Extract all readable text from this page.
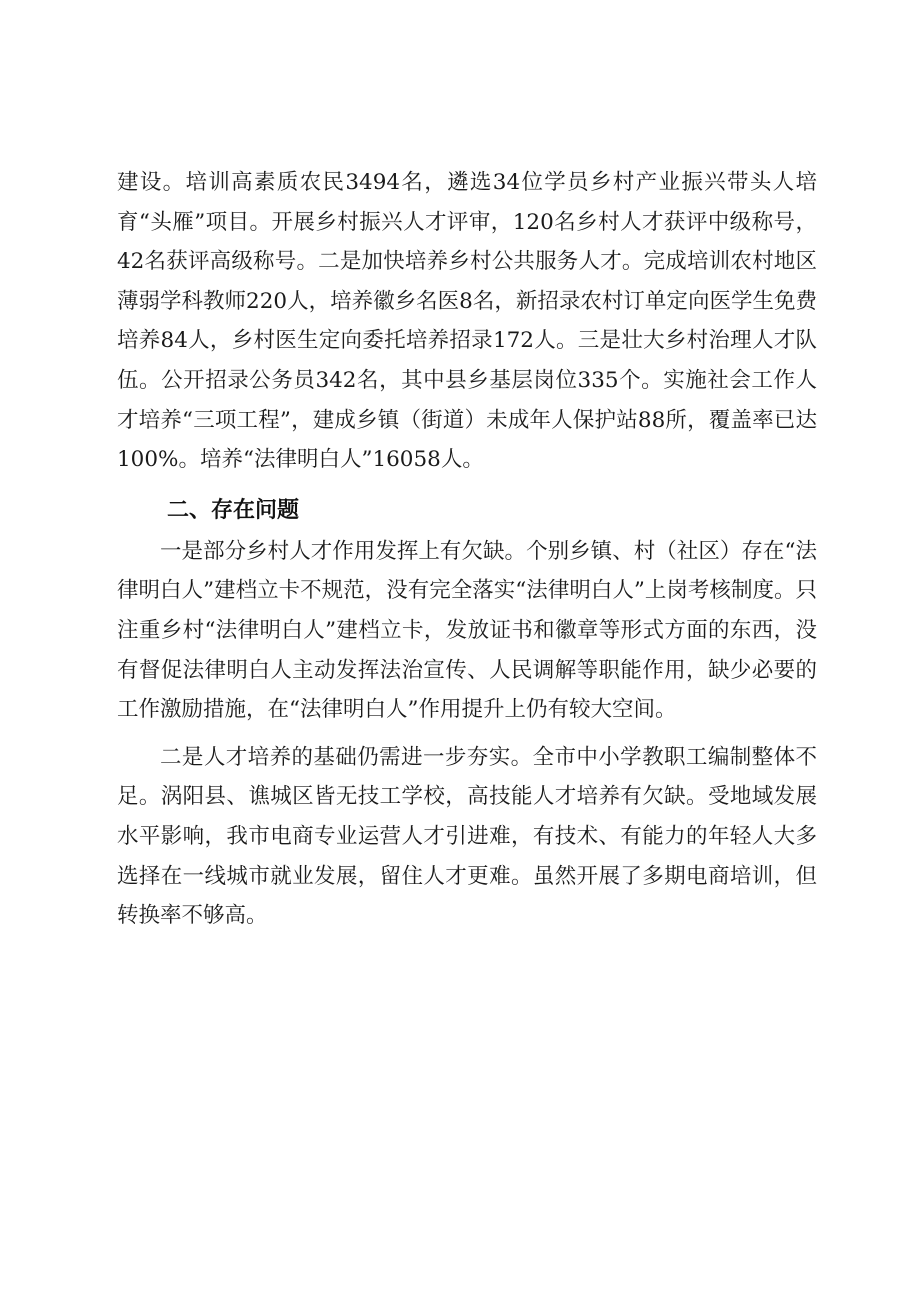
建设。培训高素质农民3494名，遴选34位学员乡村产业振兴带头人培育“头雁”项目。开展乡村振兴人才评审，120名乡村人才获评中级称号，42名获评高级称号。二是加快培养乡村公共服务人才。完成培训农村地区薄弱学科教师220人，培养徽乡名医8名，新招录农村订单定向医学生免费培养84人，乡村医生定向委托培养招录172人。三是壮大乡村治理人才队伍。公开招录公务员342名，其中县乡基层岗位335个。实施社会工作人才培养“三项工程”，建成乡镇（街道）未成年人保护站88所，覆盖率已达100%。培养“法律明白人”16058人。

二、存在问题

一是部分乡村人才作用发挥上有欠缺。个别乡镇、村（社区）存在“法律明白人”建档立卡不规范，没有完全落实“法律明白人”上岗考核制度。只注重乡村“法律明白人”建档立卡，发放证书和徽章等形式方面的东西，没有督促法律明白人主动发挥法治宣传、人民调解等职能作用，缺少必要的工作激励措施，在“法律明白人”作用提升上仍有较大空间。

二是人才培养的基础仍需进一步夯实。全市中小学教职工编制整体不足。涡阳县、谯城区皆无技工学校，高技能人才培养有欠缺。受地域发展水平影响，我市电商专业运营人才引进难，有技术、有能力的年轻人大多选择在一线城市就业发展，留住人才更难。虽然开展了多期电商培训，但转换率不够高。
